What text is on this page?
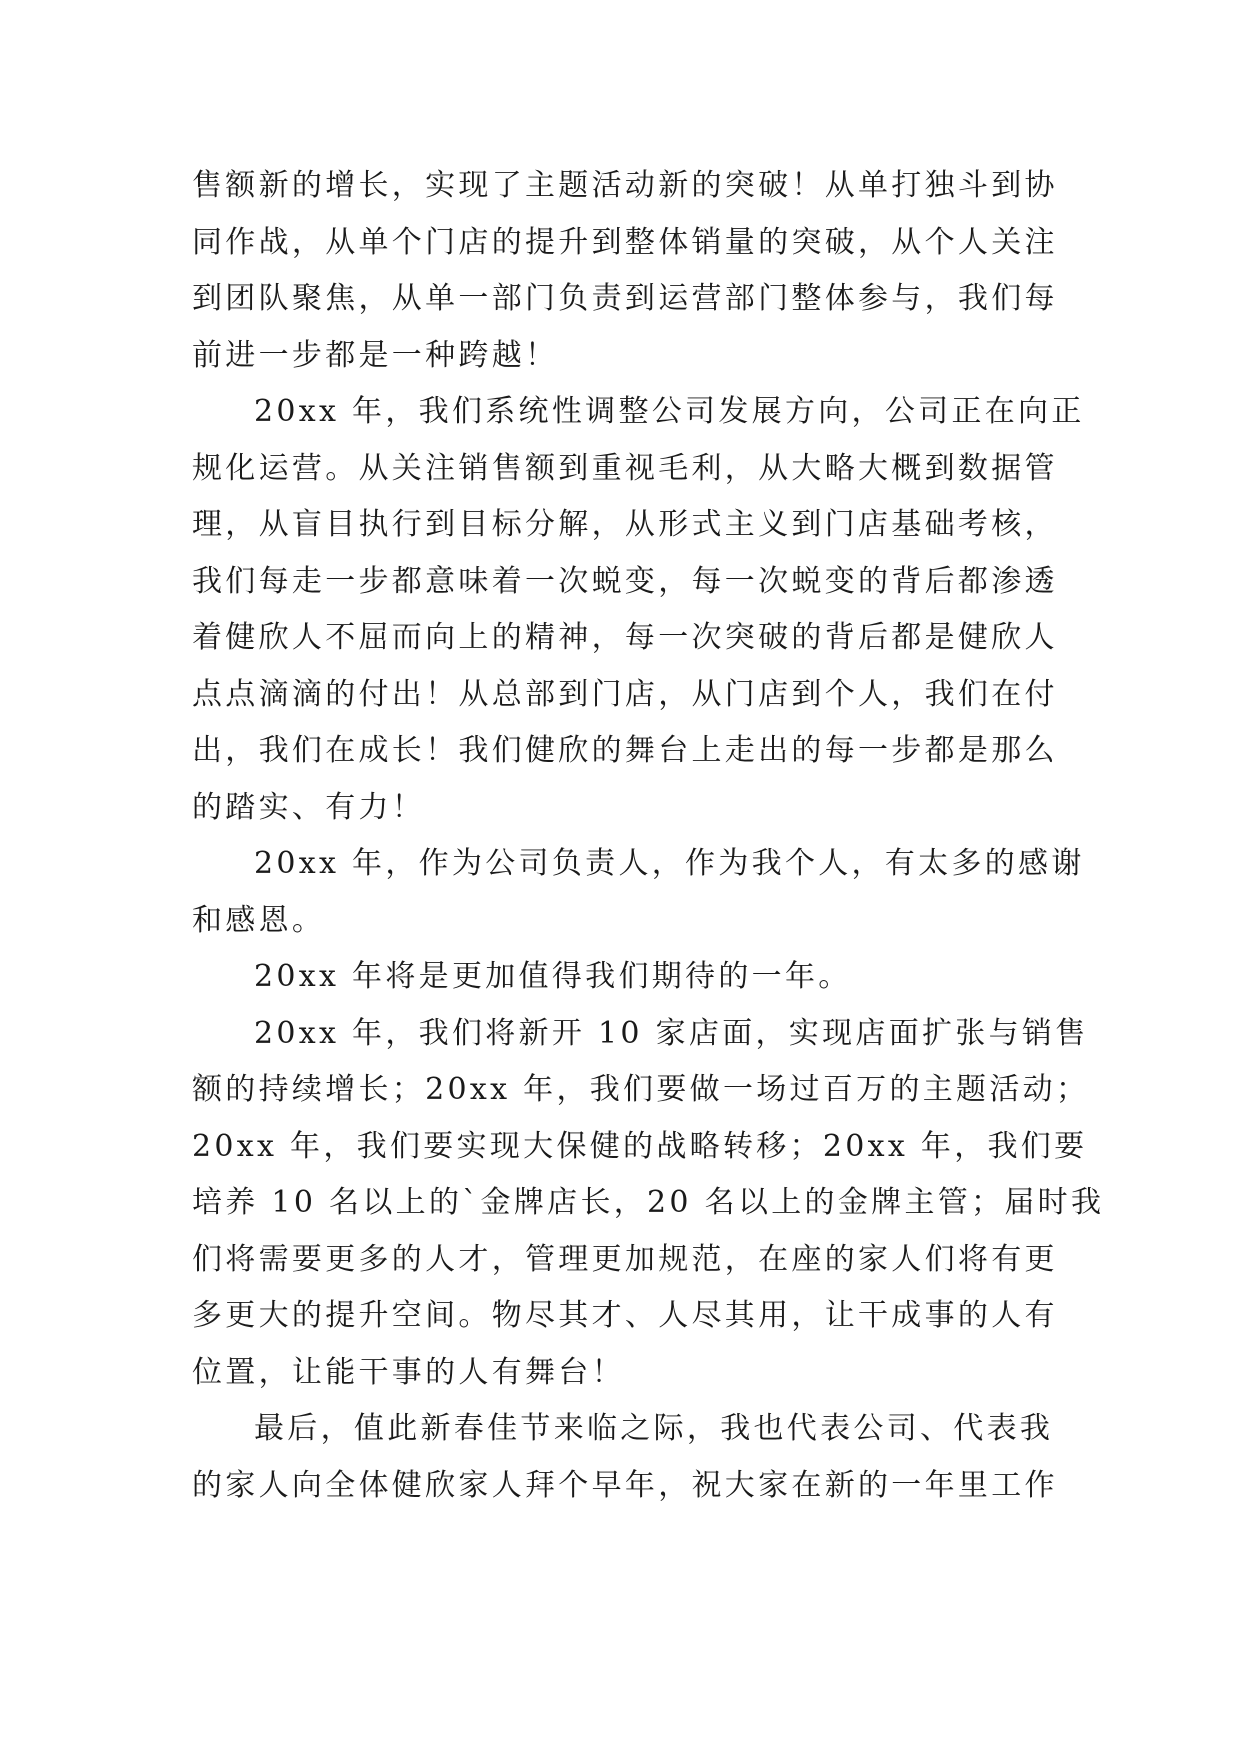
售额新的增长，实现了主题活动新的突破！从单打独斗到协
同作战，从单个门店的提升到整体销量的突破，从个人关注
到团队聚焦，从单一部门负责到运营部门整体参与，我们每
前进一步都是一种跨越！

20xx 年，我们系统性调整公司发展方向，公司正在向正
规化运营。从关注销售额到重视毛利，从大略大概到数据管
理，从盲目执行到目标分解，从形式主义到门店基础考核，
我们每走一步都意味着一次蜕变，每一次蜕变的背后都渗透
着健欣人不屈而向上的精神，每一次突破的背后都是健欣人
点点滴滴的付出！从总部到门店，从门店到个人，我们在付
出，我们在成长！我们健欣的舞台上走出的每一步都是那么
的踏实、有力！

20xx 年，作为公司负责人，作为我个人，有太多的感谢
和感恩。

20xx 年将是更加值得我们期待的一年。

20xx 年，我们将新开 10 家店面，实现店面扩张与销售
额的持续增长；20xx 年，我们要做一场过百万的主题活动；
20xx 年，我们要实现大保健的战略转移；20xx 年，我们要
培养 10 名以上的`金牌店长，20 名以上的金牌主管；届时我
们将需要更多的人才，管理更加规范，在座的家人们将有更
多更大的提升空间。物尽其才、人尽其用，让干成事的人有
位置，让能干事的人有舞台！

最后，值此新春佳节来临之际，我也代表公司、代表我
的家人向全体健欣家人拜个早年，祝大家在新的一年里工作
